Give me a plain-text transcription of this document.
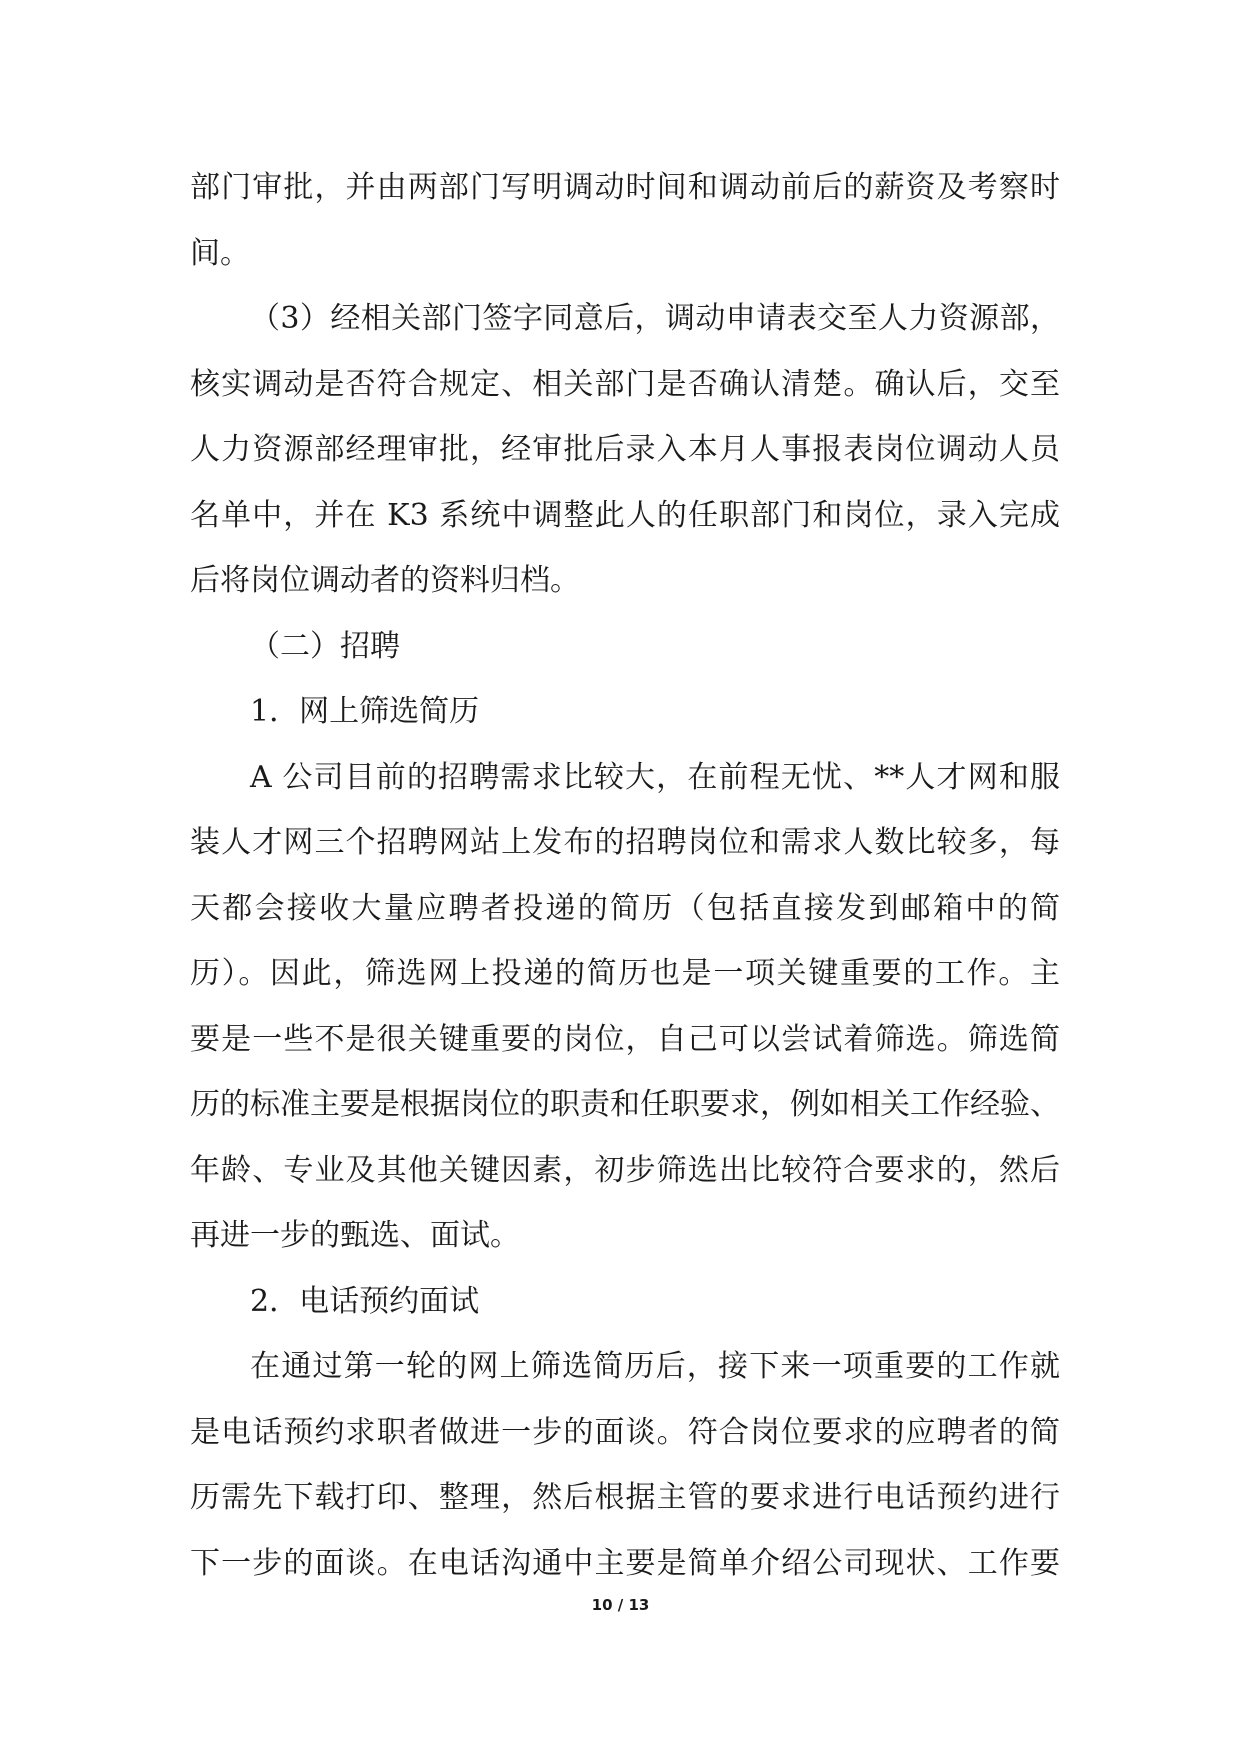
部门审批，并由两部门写明调动时间和调动前后的薪资及考察时
间。
（3）经相关部门签字同意后，调动申请表交至人力资源部，
核实调动是否符合规定、相关部门是否确认清楚。确认后，交至
人力资源部经理审批，经审批后录入本月人事报表岗位调动人员
名单中，并在 K3 系统中调整此人的任职部门和岗位，录入完成
后将岗位调动者的资料归档。
（二）招聘
1．网上筛选简历
A 公司目前的招聘需求比较大，在前程无忧、**人才网和服
装人才网三个招聘网站上发布的招聘岗位和需求人数比较多，每
天都会接收大量应聘者投递的简历（包括直接发到邮箱中的简
历）。因此，筛选网上投递的简历也是一项关键重要的工作。主
要是一些不是很关键重要的岗位，自己可以尝试着筛选。筛选简
历的标准主要是根据岗位的职责和任职要求，例如相关工作经验、
年龄、专业及其他关键因素，初步筛选出比较符合要求的，然后
再进一步的甄选、面试。
2．电话预约面试
在通过第一轮的网上筛选简历后，接下来一项重要的工作就
是电话预约求职者做进一步的面谈。符合岗位要求的应聘者的简
历需先下载打印、整理，然后根据主管的要求进行电话预约进行
下一步的面谈。在电话沟通中主要是简单介绍公司现状、工作要
10 / 13
